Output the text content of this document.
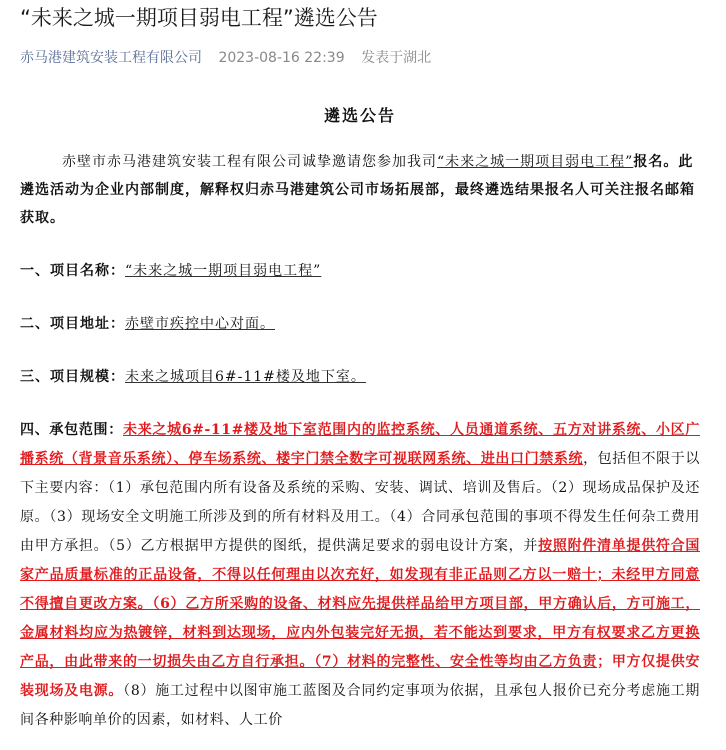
“未来之城一期项目弱电工程”遴选公告
赤马港建筑安装工程有限公司 2023-08-16 22:39 发表于湖北
遴选公告

赤壁市赤马港建筑安装工程有限公司诚挚邀请您参加我司“未来之城一期项目弱电工程”报名。此遴选活动为企业内部制度，解释权归赤马港建筑公司市场拓展部，最终遴选结果报名人可关注报名邮箱获取。

一、项目名称：“未来之城一期项目弱电工程”

二、项目地址：赤壁市疾控中心对面。

三、项目规模：未来之城项目6#-11#楼及地下室。

四、承包范围：未来之城6#-11#楼及地下室范围内的监控系统、人员通道系统、五方对讲系统、小区广播系统（背景音乐系统）、停车场系统、楼宇门禁全数字可视联网系统、进出口门禁系统，包括但不限于以下主要内容：（1）承包范围内所有设备及系统的采购、安装、调试、培训及售后。（2）现场成品保护及还原。（3）现场安全文明施工所涉及到的所有材料及用工。（4）合同承包范围的事项不得发生任何杂工费用由甲方承担。（5）乙方根据甲方提供的图纸，提供满足要求的弱电设计方案，并按照附件清单提供符合国家产品质量标准的正品设备，不得以任何理由以次充好，如发现有非正品则乙方以一赔十；未经甲方同意不得擅自更改方案。（6）乙方所采购的设备、材料应先提供样品给甲方项目部，甲方确认后，方可施工，金属材料均应为热镀锌，材料到达现场，应内外包装完好无损，若不能达到要求，甲方有权要求乙方更换产品，由此带来的一切损失由乙方自行承担。（7）材料的完整性、安全性等均由乙方负责；甲方仅提供安装现场及电源。（8）施工过程中以图审施工蓝图及合同约定事项为依据，且承包人报价已充分考虑施工期间各种影响单价的因素，如材料、人工价
